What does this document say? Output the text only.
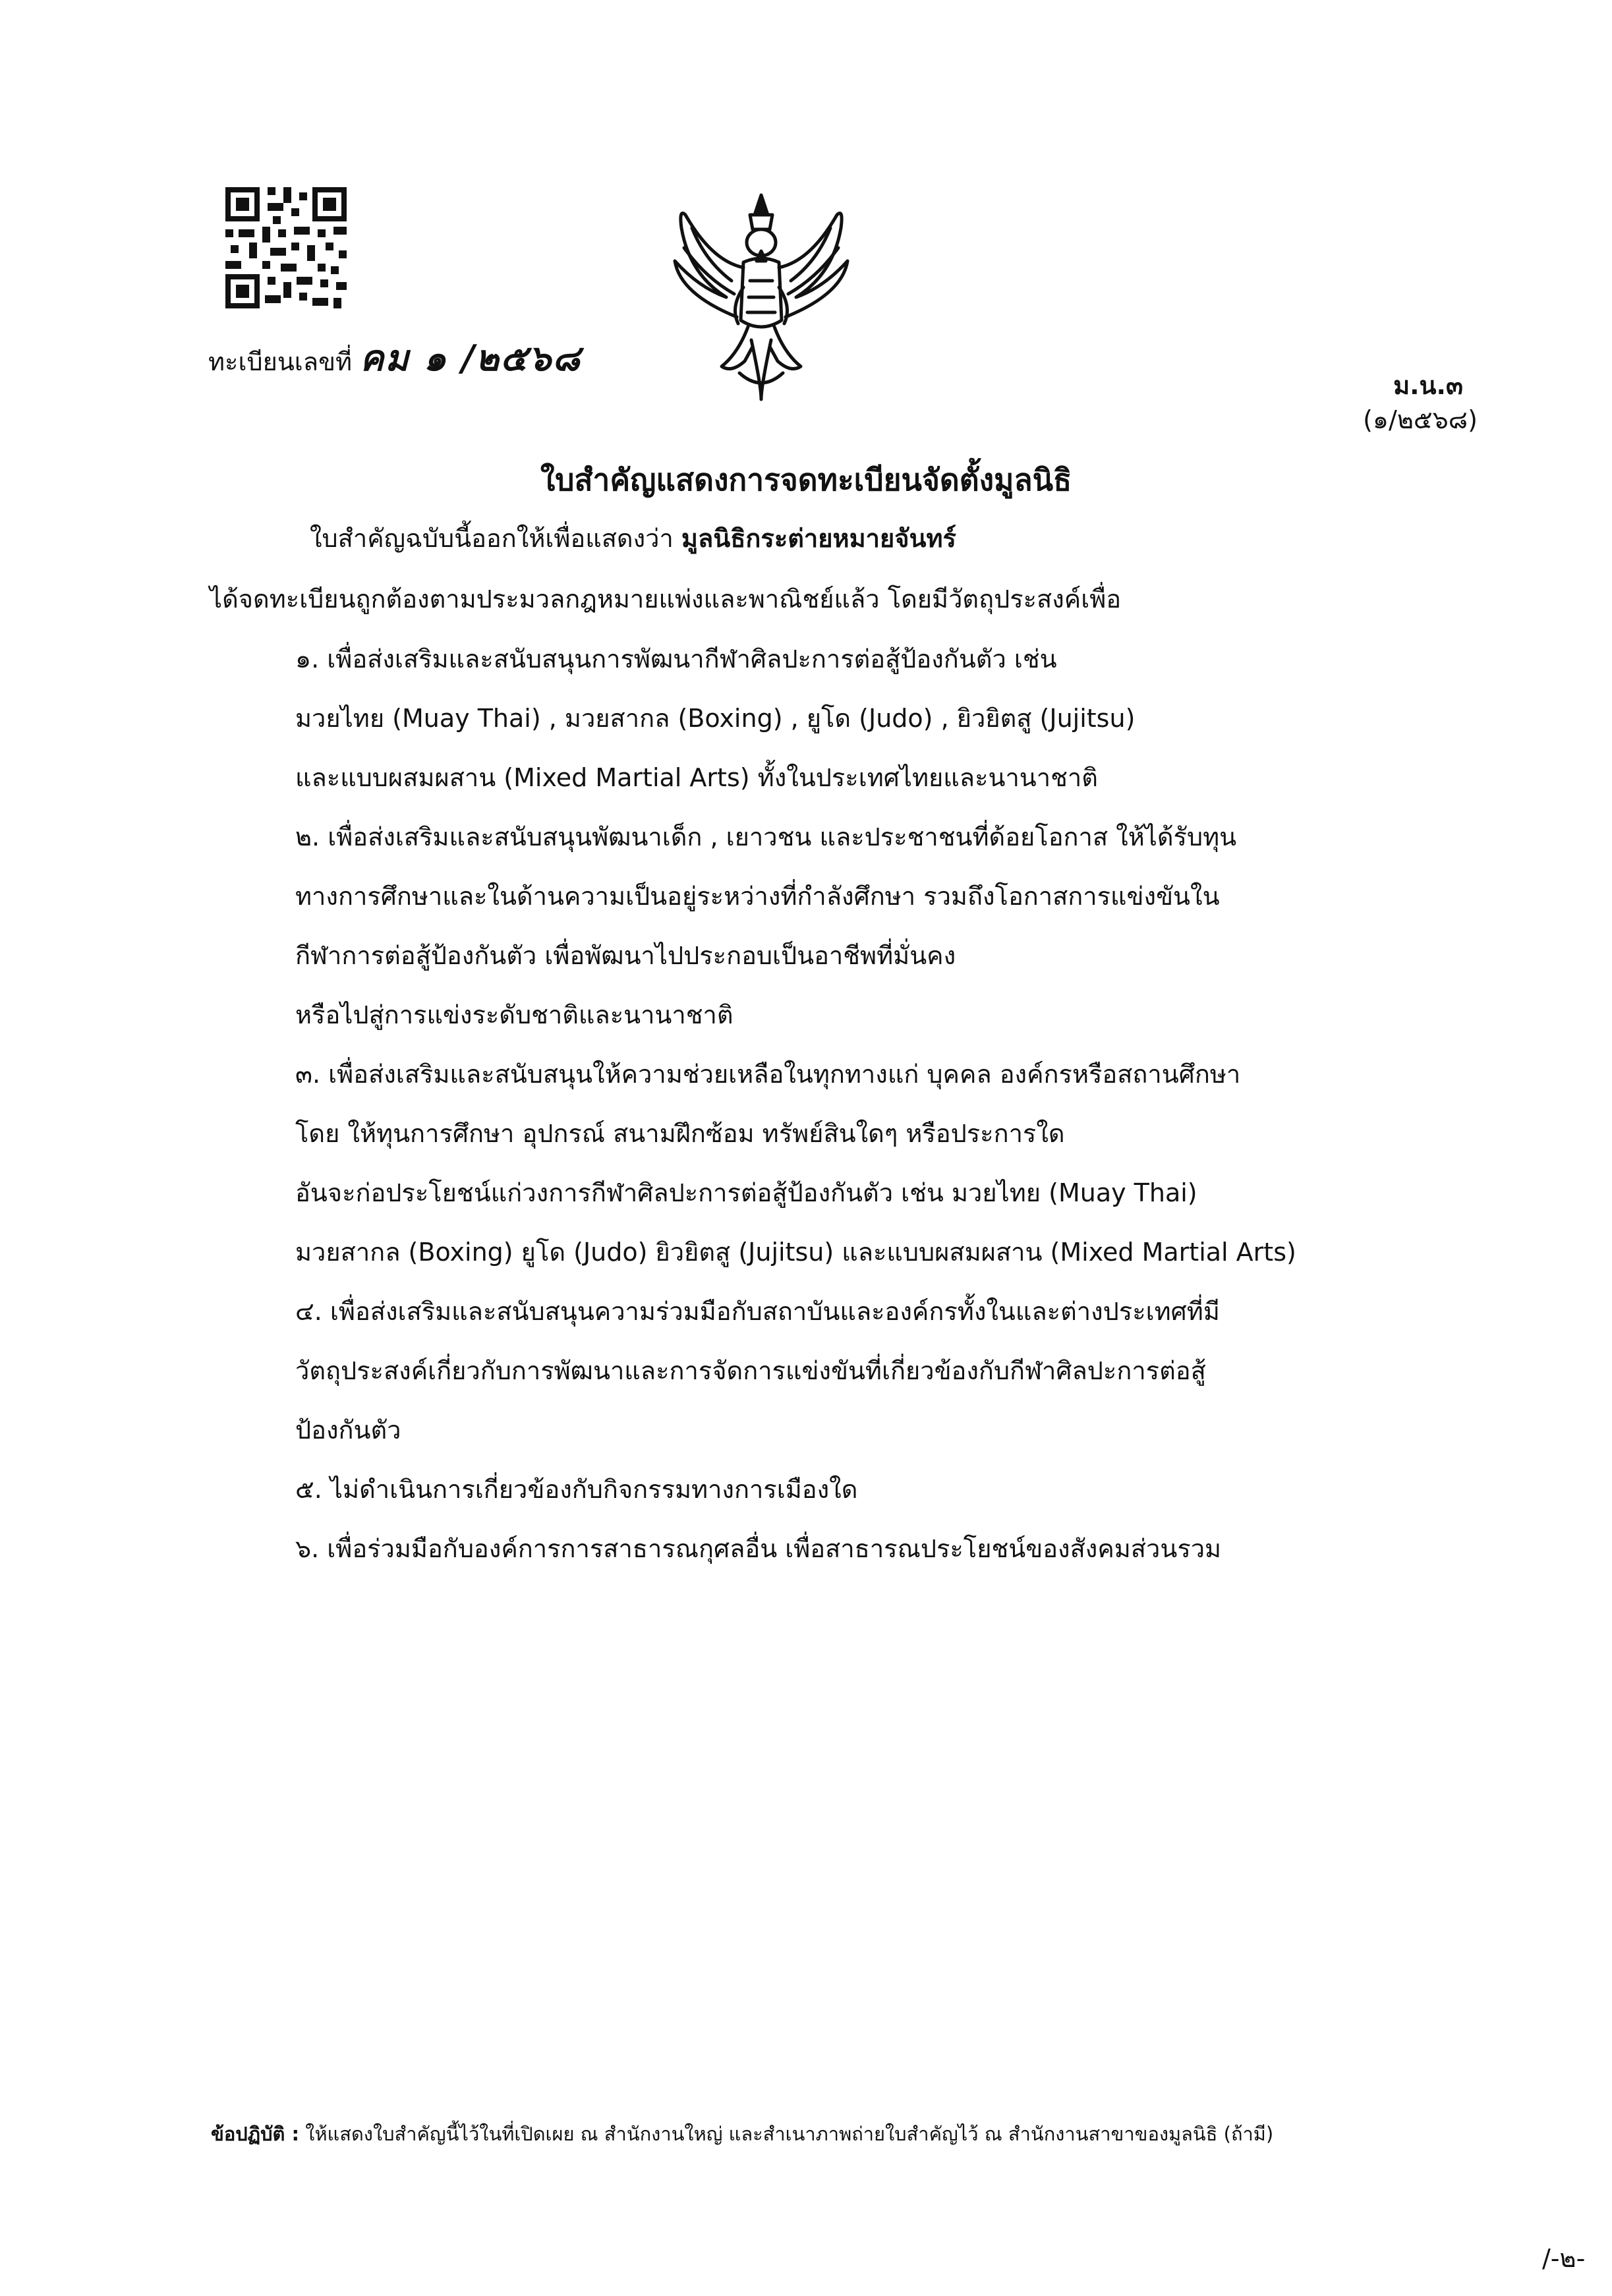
ทะเบียนเลขที่ คม ๑ /๒๕๖๘
ม.น.๓
(๑/๒๕๖๘)
ใบสำคัญแสดงการจดทะเบียนจัดตั้งมูลนิธิ
ใบสำคัญฉบับนี้ออกให้เพื่อแสดงว่า มูลนิธิกระต่ายหมายจันทร์
ได้จดทะเบียนถูกต้องตามประมวลกฎหมายแพ่งและพาณิชย์แล้ว โดยมีวัตถุประสงค์เพื่อ
๑. เพื่อส่งเสริมและสนับสนุนการพัฒนากีฬาศิลปะการต่อสู้ป้องกันตัว เช่น
มวยไทย (Muay Thai) , มวยสากล (Boxing) , ยูโด (Judo) , ยิวยิตสู (Jujitsu)
และแบบผสมผสาน (Mixed Martial Arts) ทั้งในประเทศไทยและนานาชาติ
๒. เพื่อส่งเสริมและสนับสนุนพัฒนาเด็ก , เยาวชน และประชาชนที่ด้อยโอกาส ให้ได้รับทุน
ทางการศึกษาและในด้านความเป็นอยู่ระหว่างที่กำลังศึกษา รวมถึงโอกาสการแข่งขันใน
กีฬาการต่อสู้ป้องกันตัว เพื่อพัฒนาไปประกอบเป็นอาชีพที่มั่นคง
หรือไปสู่การแข่งระดับชาติและนานาชาติ
๓. เพื่อส่งเสริมและสนับสนุนให้ความช่วยเหลือในทุกทางแก่ บุคคล องค์กรหรือสถานศึกษา
โดย ให้ทุนการศึกษา อุปกรณ์ สนามฝึกซ้อม ทรัพย์สินใดๆ หรือประการใด
อันจะก่อประโยชน์แก่วงการกีฬาศิลปะการต่อสู้ป้องกันตัว เช่น มวยไทย (Muay Thai)
มวยสากล (Boxing) ยูโด (Judo) ยิวยิตสู (Jujitsu) และแบบผสมผสาน (Mixed Martial Arts)
๔. เพื่อส่งเสริมและสนับสนุนความร่วมมือกับสถาบันและองค์กรทั้งในและต่างประเทศที่มี
วัตถุประสงค์เกี่ยวกับการพัฒนาและการจัดการแข่งขันที่เกี่ยวข้องกับกีฬาศิลปะการต่อสู้
ป้องกันตัว
๕. ไม่ดำเนินการเกี่ยวข้องกับกิจกรรมทางการเมืองใด
๖. เพื่อร่วมมือกับองค์การการสาธารณกุศลอื่น เพื่อสาธารณประโยชน์ของสังคมส่วนรวม
ข้อปฏิบัติ : ให้แสดงใบสำคัญนี้ไว้ในที่เปิดเผย ณ สำนักงานใหญ่ และสำเนาภาพถ่ายใบสำคัญไว้ ณ สำนักงานสาขาของมูลนิธิ (ถ้ามี)
/-๒-
